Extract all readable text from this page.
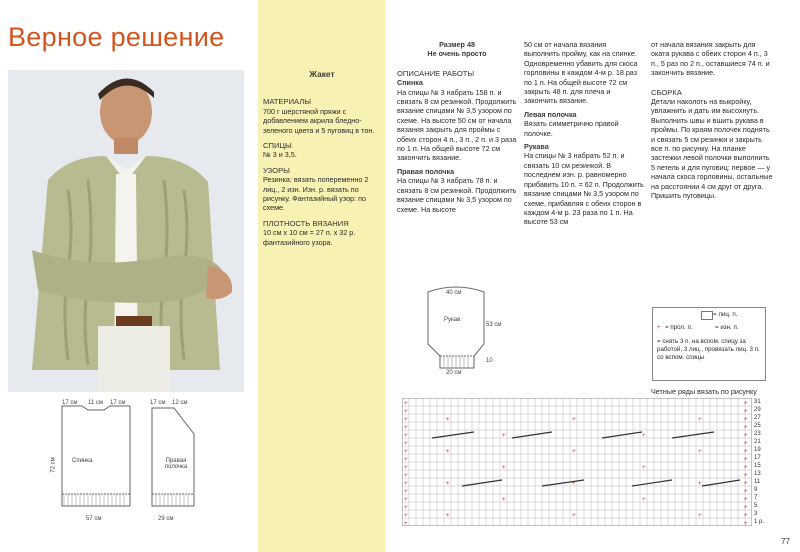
Верное решение
Спинка
17 см 11 см 17 см
72 см
57 см
Правая полочка
17 см 12 см
29 см

Жакет

МАТЕРИАЛЫ

700 г шерстяной пряжи с добавлением акрила бледно-зеленого цвета и 5 пуговиц в тон.

СПИЦЫ

№ 3 и 3,5.

УЗОРЫ

Резинка: вязать попеременно 2 лиц., 2 изн. Изн. р. вязать по рисунку. Фантазийный узор: по схеме.

ПЛОТНОСТЬ ВЯЗАНИЯ

10 см x 10 см = 27 п. x 32 р. фантазийного узора.

Размер 48

Не очень просто

ОПИСАНИЕ РАБОТЫ

Спинка

На спицы № 3 набрать 158 п. и связать 8 см резинкой. Продолжить вязание спицами № 3,5 узором по схеме. На высоте 50 см от начала вязания закрыть для проймы с обеих сторон 4 п., 3 п., 2 п. и 3 раза по 1 п. На общей высоте 72 см закончить вязание.

Правая полочка

На спицы № 3 набрать 78 п. и связать 8 см резинкой. Продолжить вязание спицами № 3,5 узором по схеме. На высоте

50 см от начала вязания выполнить пройму, как на спинке. Одновременно убавить для скоса горловины в каждом 4-м р. 18 раз по 1 п. На общей высоте 72 см закрыть 48 п. для плеча и закончить вязание.

Левая полочка

Вязать симметрично правой полочке.

Рукава

На спицы № 3 набрать 52 п. и связать 10 см резинкой. В последнем изн. р. равномерно прибавить 10 п. = 62 п. Продолжить вязание спицами № 3,5 узором по схеме, прибавляя с обеих сторон в каждом 4-м р. 23 раза по 1 п. На высоте 53 см

от начала вязания закрыть для оката рукава с обеих сторон 4 п., 3 п., 5 раз по 2 п., оставшиеся 74 п. и закончить вязание.

СБОРКА

Детали наколоть на выкройку, увлажнить и дать им высохнуть. Выполнить швы и вшить рукава в проймы. По краям полочек поднять и связать 5 см резинки и закрыть все п. по рисунку. На планке застежки левой полочки выполнить 5 петель и для пуговиц: первое — у начала скоса горловины, остальные на расстоянии 4 см друг от друга. Пришить пуговицы.

Рукав
40 см
20 см
53 см
10
= лиц. п.
+ = прол. п.	= изн. п.
= снять 3 п. на вспом. спицу за работой, 3 лиц., провязать лиц. 3 п. со вспом. спицы
Четные ряды вязать по рисунку
+
+
+
+
+
+
+
+
+
+
+
+
+
+
+
+
+
+
+
+
+
+
+
+
+
+
+
+
+
+
+
+
+
+
+
+
+
+
+
+
+
+
+
+
+
+
+
+
+
+
31
29
27
25
23
21
19
17
15
13
11
9
7
5
3
1 р.
77
